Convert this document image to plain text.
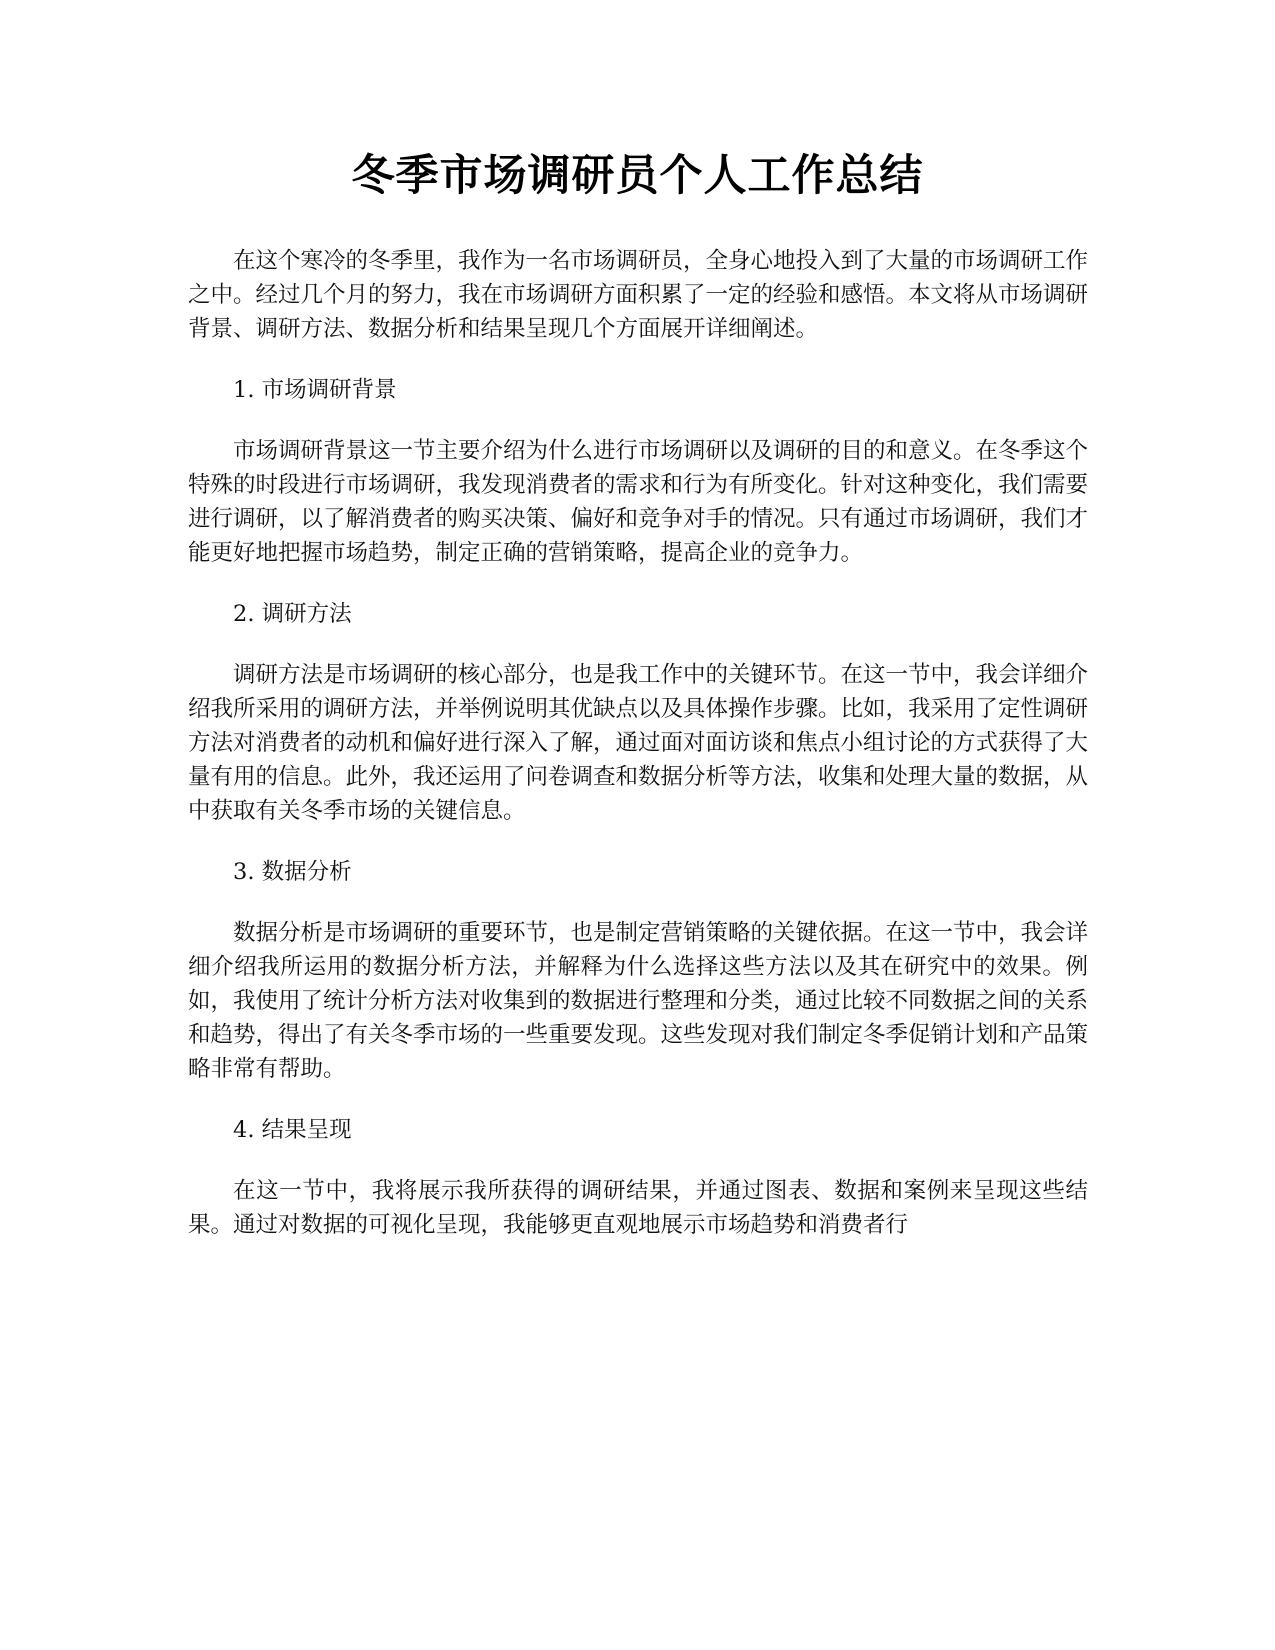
冬季市场调研员个人工作总结

在这个寒冷的冬季里，我作为一名市场调研员，全身心地投入到了大量的市场调研工作之中。经过几个月的努力，我在市场调研方面积累了一定的经验和感悟。本文将从市场调研背景、调研方法、数据分析和结果呈现几个方面展开详细阐述。

1. 市场调研背景

市场调研背景这一节主要介绍为什么进行市场调研以及调研的目的和意义。在冬季这个特殊的时段进行市场调研，我发现消费者的需求和行为有所变化。针对这种变化，我们需要进行调研，以了解消费者的购买决策、偏好和竞争对手的情况。只有通过市场调研，我们才能更好地把握市场趋势，制定正确的营销策略，提高企业的竞争力。

2. 调研方法

调研方法是市场调研的核心部分，也是我工作中的关键环节。在这一节中，我会详细介绍我所采用的调研方法，并举例说明其优缺点以及具体操作步骤。比如，我采用了定性调研方法对消费者的动机和偏好进行深入了解，通过面对面访谈和焦点小组讨论的方式获得了大量有用的信息。此外，我还运用了问卷调查和数据分析等方法，收集和处理大量的数据，从中获取有关冬季市场的关键信息。

3. 数据分析

数据分析是市场调研的重要环节，也是制定营销策略的关键依据。在这一节中，我会详细介绍我所运用的数据分析方法，并解释为什么选择这些方法以及其在研究中的效果。例如，我使用了统计分析方法对收集到的数据进行整理和分类，通过比较不同数据之间的关系和趋势，得出了有关冬季市场的一些重要发现。这些发现对我们制定冬季促销计划和产品策略非常有帮助。

4. 结果呈现

在这一节中，我将展示我所获得的调研结果，并通过图表、数据和案例来呈现这些结果。通过对数据的可视化呈现，我能够更直观地展示市场趋势和消费者行
